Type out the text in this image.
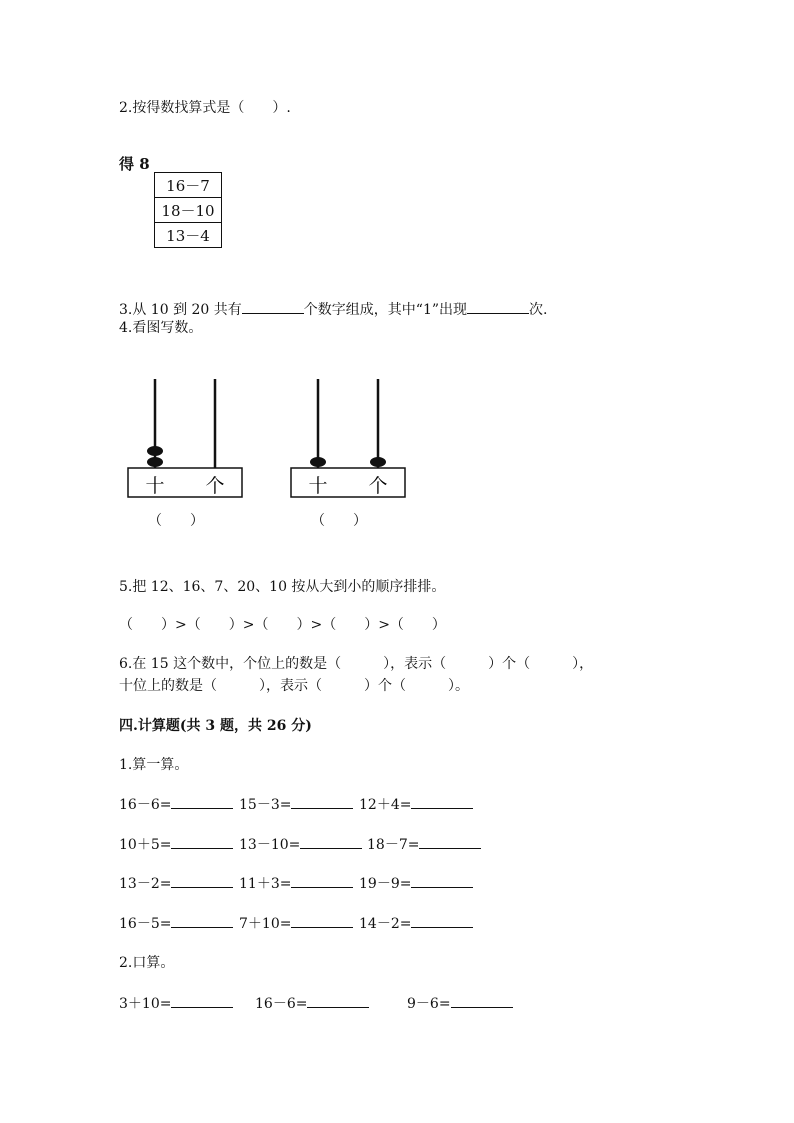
2.按得数找算式是（　　）.
得 8
16－7
18－10
13－4
3.从 10 到 20 共有	个数字组成，其中“1”出现	次.
4.看图写数。
十 个
（　　）
十 个
（　　）
5.把 12、16、7、20、10 按从大到小的顺序排排。
（　　）>（　　）>（　　）>（　　）>（　　）
6.在 15 这个数中，个位上的数是（　　　），表示（　　　）个（　　　），
十位上的数是（　　　），表示（　　　）个（　　　）。
四.计算题(共 3 题，共 26 分)
1.算一算。
16－6=	15－3=	12＋4=
10＋5=	13－10=	18－7=
13－2=	11＋3=	19－9=
16－5=	7＋10=	14－2=
2.口算。
3＋10=	16－6=	9－6=
